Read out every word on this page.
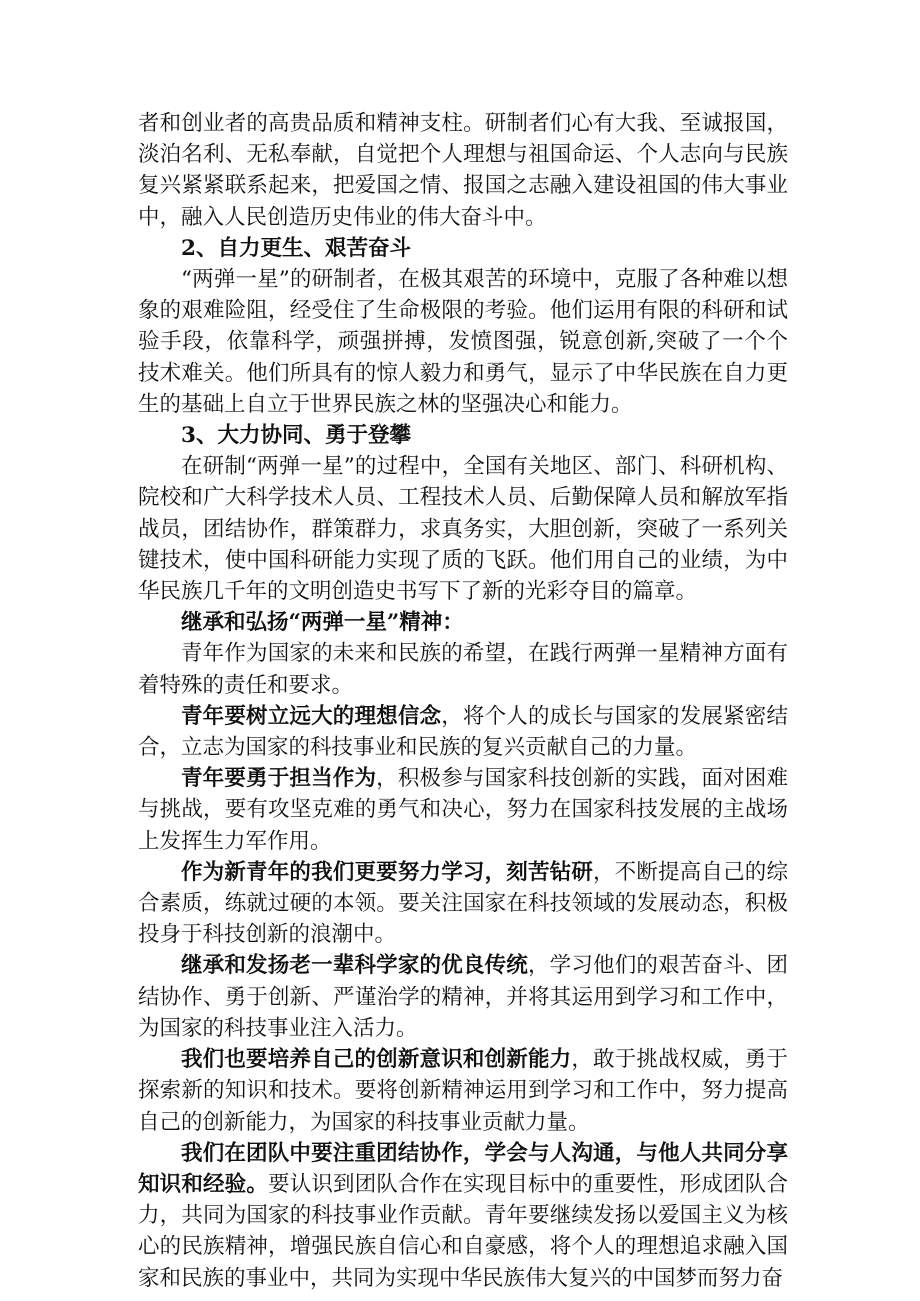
者和创业者的高贵品质和精神支柱。研制者们心有大我、至诚报国，淡泊名利、无私奉献，自觉把个人理想与祖国命运、个人志向与民族复兴紧紧联系起来，把爱国之情、报国之志融入建设祖国的伟大事业中，融入人民创造历史伟业的伟大奋斗中。

2、自力更生、艰苦奋斗

“两弹一星”的研制者，在极其艰苦的环境中，克服了各种难以想象的艰难险阻，经受住了生命极限的考验。他们运用有限的科研和试验手段，依靠科学，顽强拼搏，发愤图强，锐意创新,突破了一个个技术难关。他们所具有的惊人毅力和勇气，显示了中华民族在自力更生的基础上自立于世界民族之林的坚强决心和能力。

3、大力协同、勇于登攀

在研制“两弹一星”的过程中，全国有关地区、部门、科研机构、院校和广大科学技术人员、工程技术人员、后勤保障人员和解放军指战员，团结协作，群策群力，求真务实，大胆创新，突破了一系列关键技术，使中国科研能力实现了质的飞跃。他们用自己的业绩，为中华民族几千年的文明创造史书写下了新的光彩夺目的篇章。

继承和弘扬“两弹一星”精神：

青年作为国家的未来和民族的希望，在践行两弹一星精神方面有着特殊的责任和要求。

青年要树立远大的理想信念，将个人的成长与国家的发展紧密结合，立志为国家的科技事业和民族的复兴贡献自己的力量。

青年要勇于担当作为，积极参与国家科技创新的实践，面对困难与挑战，要有攻坚克难的勇气和决心，努力在国家科技发展的主战场上发挥生力军作用。

作为新青年的我们更要努力学习，刻苦钻研，不断提高自己的综合素质，练就过硬的本领。要关注国家在科技领域的发展动态，积极投身于科技创新的浪潮中。

继承和发扬老一辈科学家的优良传统，学习他们的艰苦奋斗、团结协作、勇于创新、严谨治学的精神，并将其运用到学习和工作中，为国家的科技事业注入活力。

我们也要培养自己的创新意识和创新能力，敢于挑战权威，勇于探索新的知识和技术。要将创新精神运用到学习和工作中，努力提高自己的创新能力，为国家的科技事业贡献力量。

我们在团队中要注重团结协作，学会与人沟通，与他人共同分享知识和经验。要认识到团队合作在实现目标中的重要性，形成团队合力，共同为国家的科技事业作贡献。青年要继续发扬以爱国主义为核心的民族精神，增强民族自信心和自豪感，将个人的理想追求融入国家和民族的事业中，共同为实现中华民族伟大复兴的中国梦而努力奋
